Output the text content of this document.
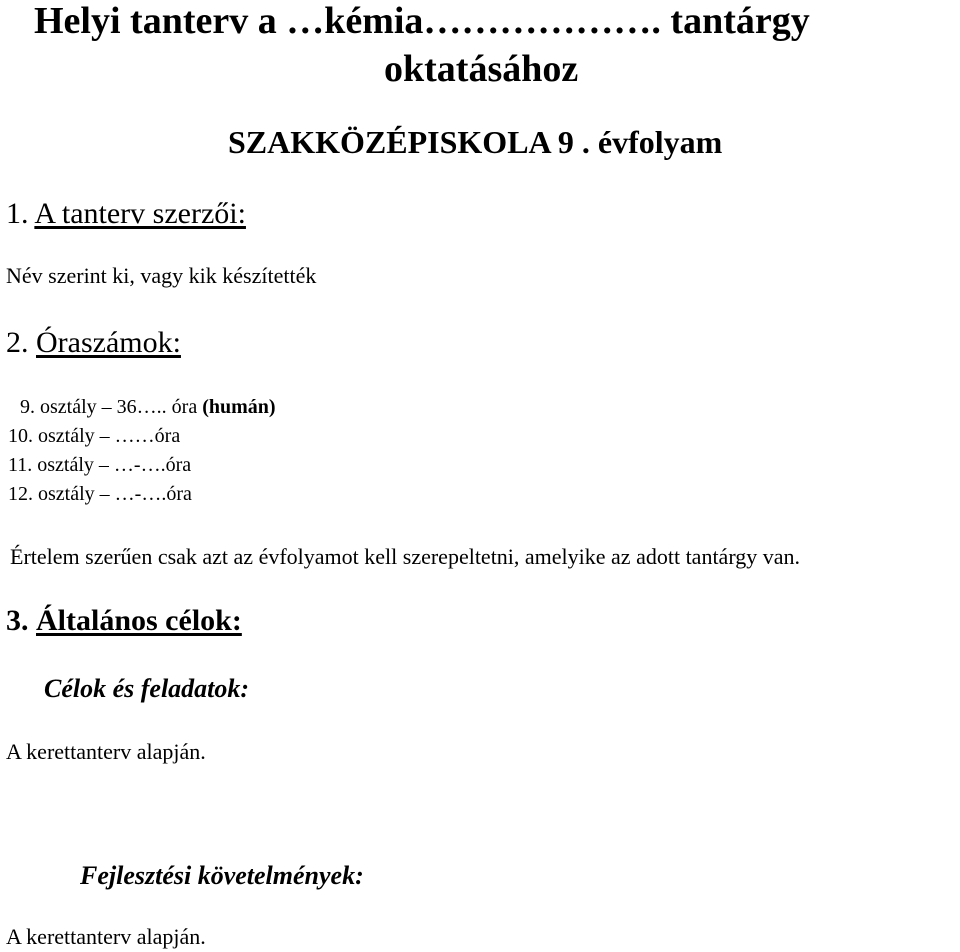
Helyi tanterv a …kémia………………. tantárgy
oktatásához
SZAKKÖZÉPISKOLA 9 . évfolyam
1. A tanterv szerzői:
Név szerint ki, vagy kik készítették
2. Óraszámok:
9. osztály – 36….. óra (humán)
10. osztály – ……óra
11. osztály – …-….óra
12. osztály – …-….óra
Értelem szerűen csak azt az évfolyamot kell szerepeltetni, amelyike az adott tantárgy van.
3. Általános célok:
Célok és feladatok:
A kerettanterv alapján.
Fejlesztési követelmények:
A kerettanterv alapján.
